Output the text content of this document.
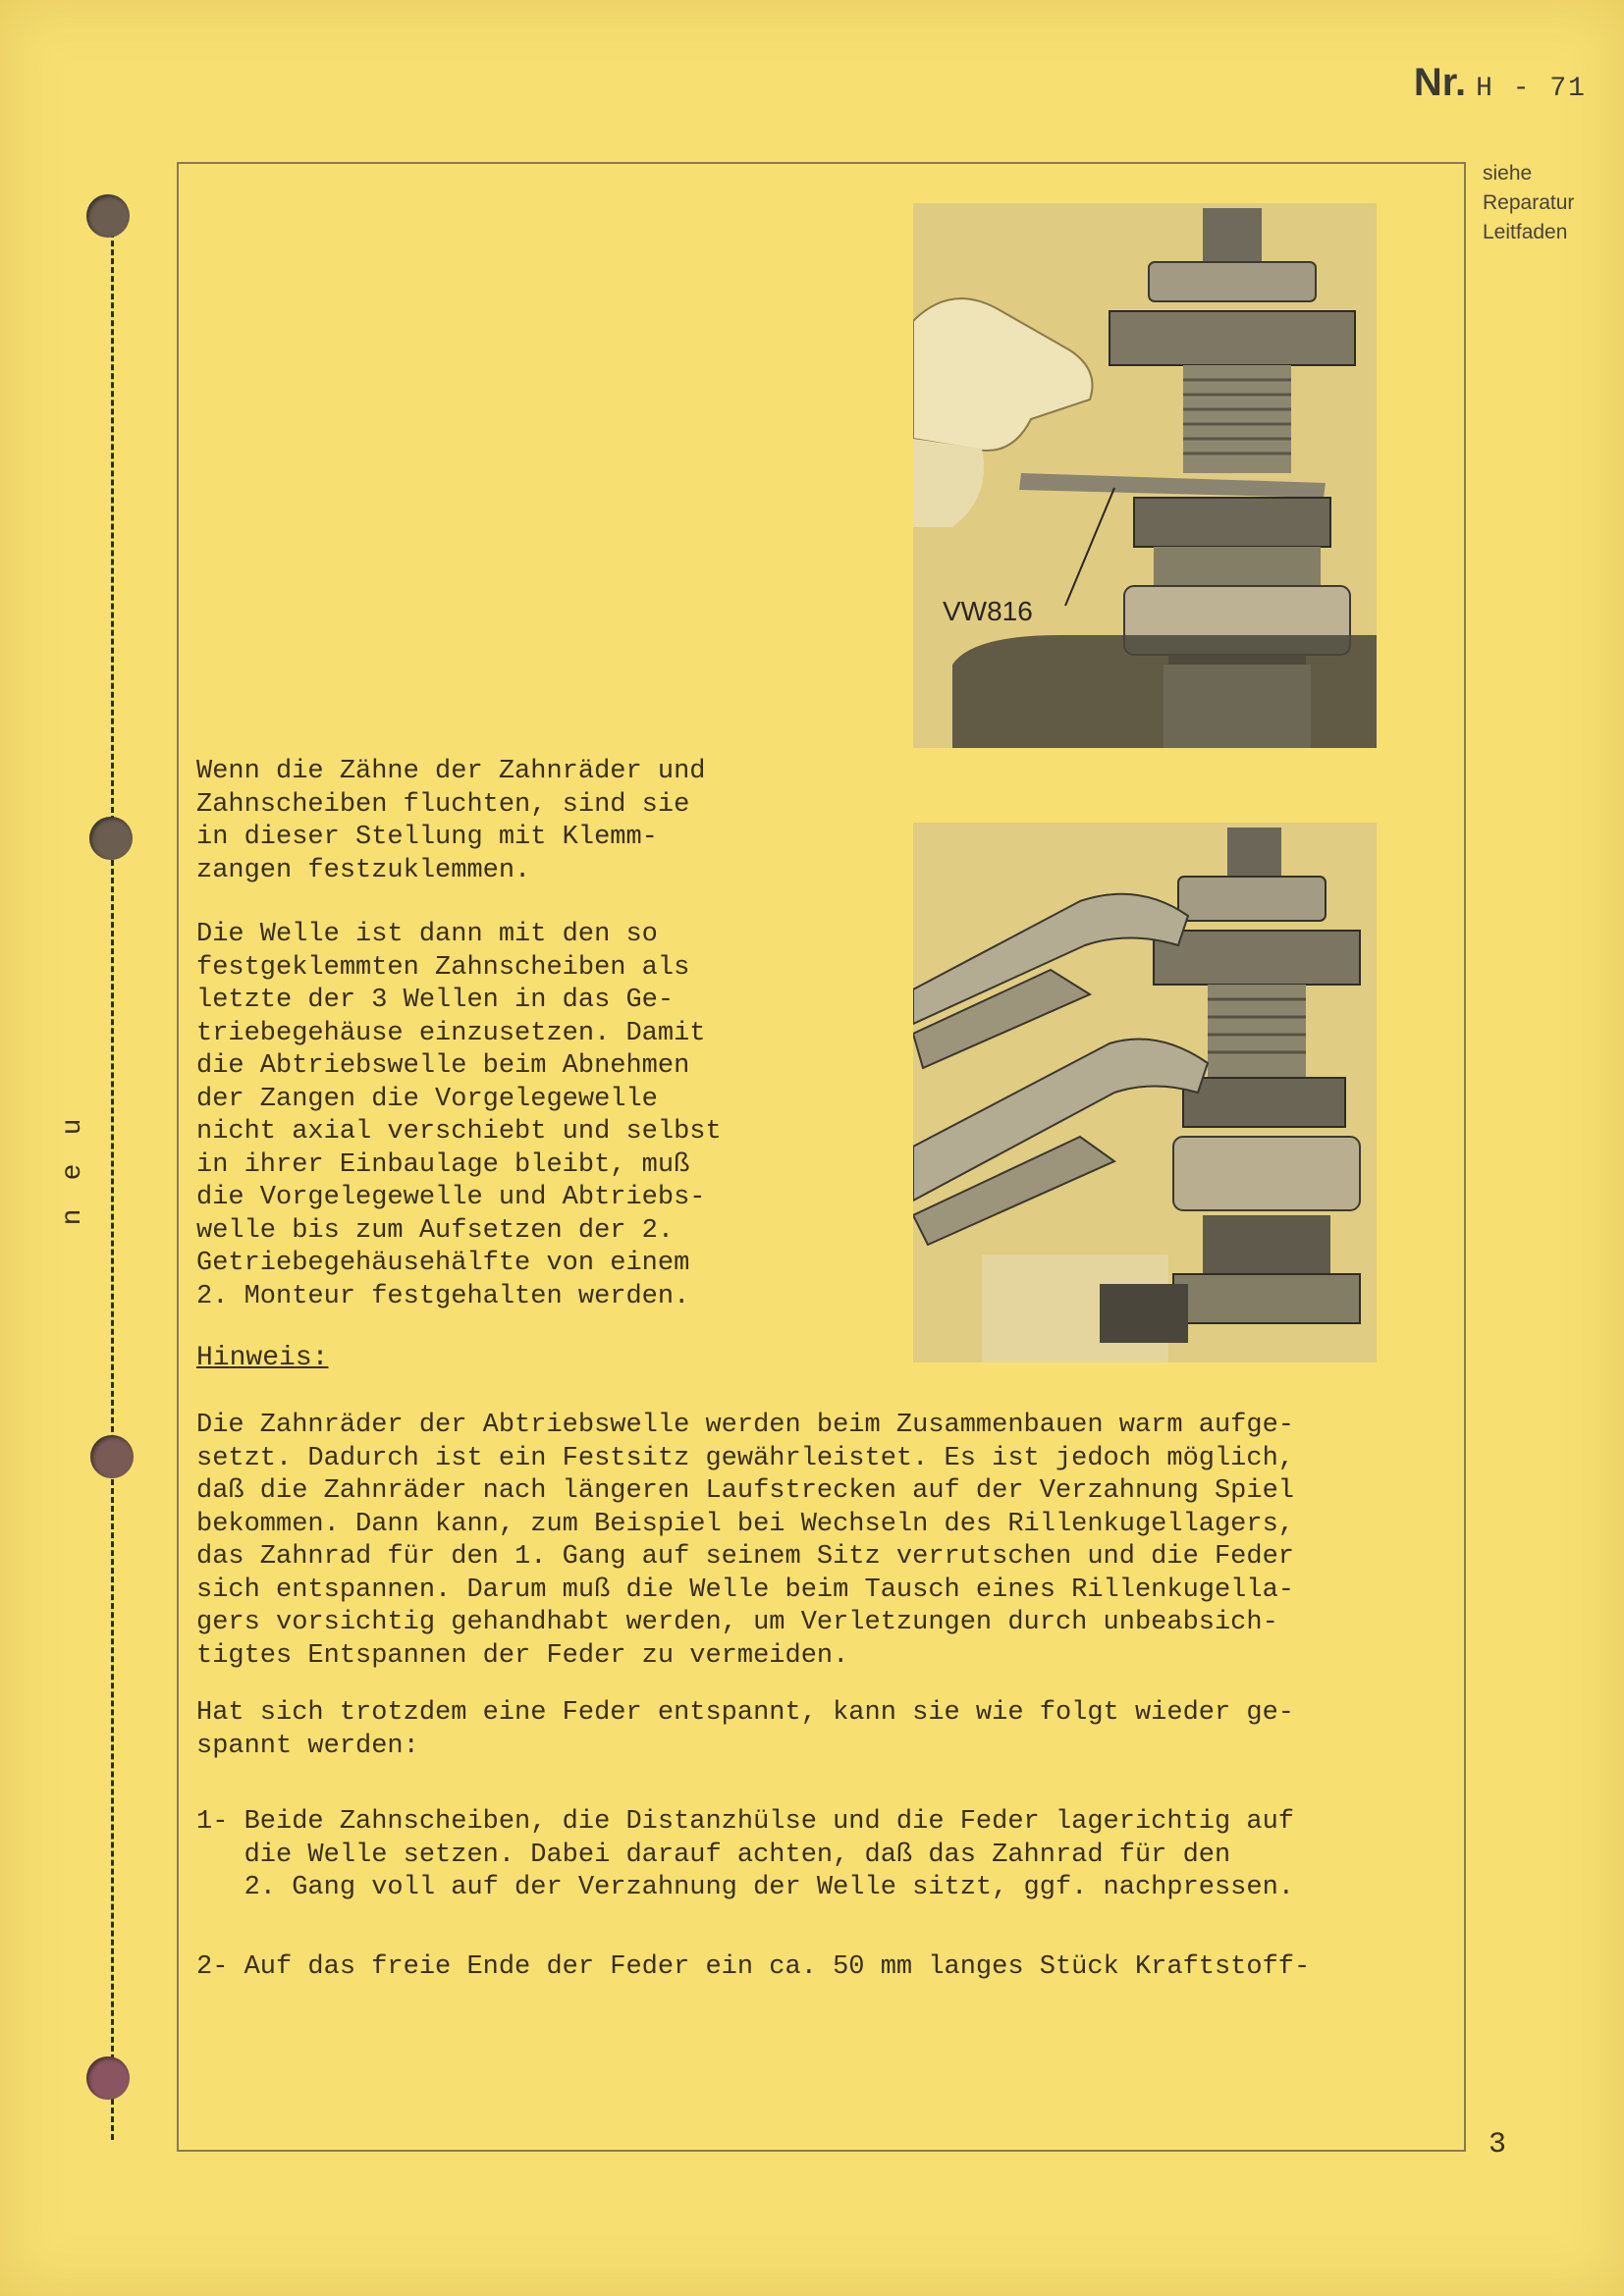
Nr. H - 71
siehe
Reparatur
Leitfaden
u
e
n
VW816
Wenn die Zähne der Zahnräder und
Zahnscheiben fluchten, sind sie
in dieser Stellung mit Klemm-
zangen festzuklemmen.
Die Welle ist dann mit den so
festgeklemmten Zahnscheiben als
letzte der 3 Wellen in das Ge-
triebegehäuse einzusetzen. Damit
die Abtriebswelle beim Abnehmen
der Zangen die Vorgelegewelle
nicht axial verschiebt und selbst
in ihrer Einbaulage bleibt, muß
die Vorgelegewelle und Abtriebs-
welle bis zum Aufsetzen der 2.
Getriebegehäusehälfte von einem
2. Monteur festgehalten werden.
Hinweis:
Die Zahnräder der Abtriebswelle werden beim Zusammenbauen warm aufge-
setzt. Dadurch ist ein Festsitz gewährleistet. Es ist jedoch möglich,
daß die Zahnräder nach längeren Laufstrecken auf der Verzahnung Spiel
bekommen. Dann kann, zum Beispiel bei Wechseln des Rillenkugellagers,
das Zahnrad für den 1. Gang auf seinem Sitz verrutschen und die Feder
sich entspannen. Darum muß die Welle beim Tausch eines Rillenkugella-
gers vorsichtig gehandhabt werden, um Verletzungen durch unbeabsich-
tigtes Entspannen der Feder zu vermeiden.
Hat sich trotzdem eine Feder entspannt, kann sie wie folgt wieder ge-
spannt werden:
1- Beide Zahnscheiben, die Distanzhülse und die Feder lagerichtig auf
die Welle setzen. Dabei darauf achten, daß das Zahnrad für den
2. Gang voll auf der Verzahnung der Welle sitzt, ggf. nachpressen.
2- Auf das freie Ende der Feder ein ca. 50 mm langes Stück Kraftstoff-
3
